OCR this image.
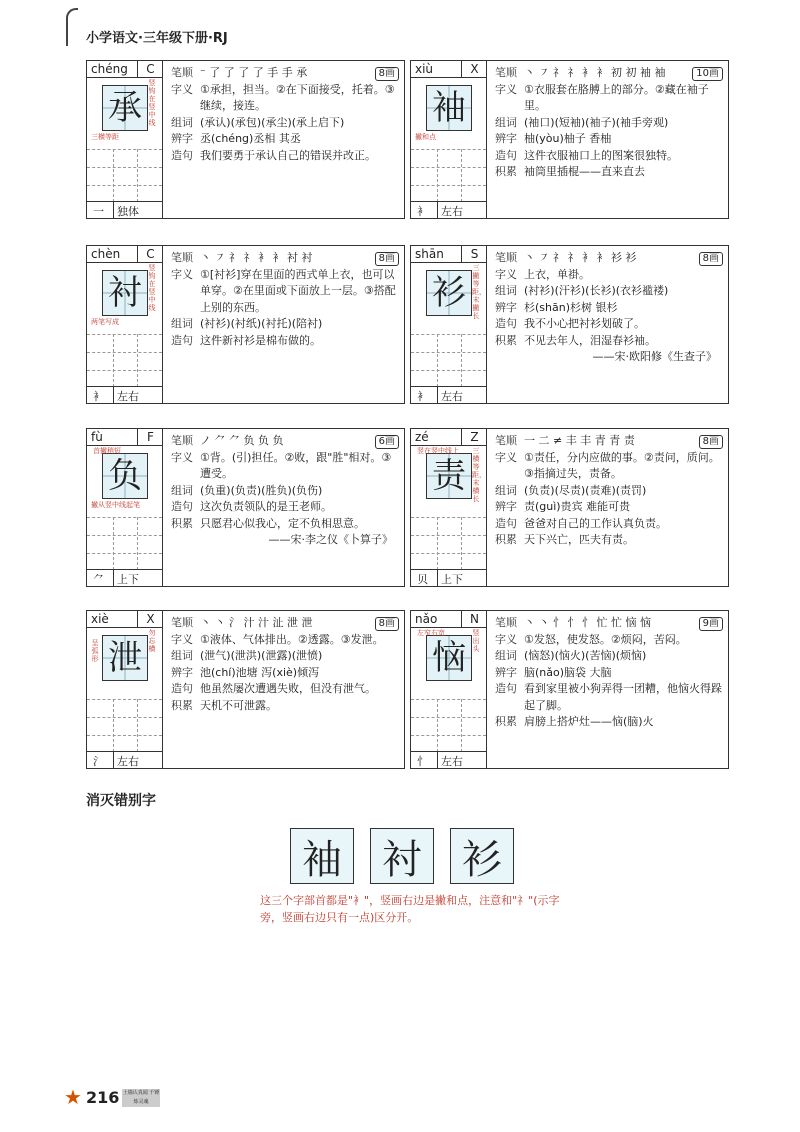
小学语文·三年级下册·RJ
chéng	C
承
竖钩在竖中线
三横等距
一 独体
笔顺 ⁻ 了 了 了 了 手 手 承	8画
字义 ①承担，担当。②在下面接受，托着。③继续，接连。
组词 (承认)(承包)(承尘)(承上启下)
辨字 丞(chéng)丞相 其丞
造句 我们要勇于承认自己的错误并改正。
xiù	X
袖
撇和点
衤 左右
笔顺 丶 ㇇ 礻 礻 衤 衤 初 初 袖 袖	10画
字义 ①衣服套在胳膊上的部分。②藏在袖子里。
组词 (袖口)(短袖)(袖子)(袖手旁观)
辨字 柚(yòu)柚子 香柚
造句 这件衣服袖口上的图案很独特。
积累 袖筒里插棍——直来直去
chèn	C
衬
竖钩在竖中线
两笔写成
衤 左右
笔顺 丶 ㇇ 礻 礻 衤 衤 衬 衬	8画
字义 ①[衬衫]穿在里面的西式单上衣，也可以单穿。②在里面或下面放上一层。③搭配上别的东西。
组词 (衬衫)(衬纸)(衬托)(陪衬)
造句 这件新衬衫是棉布做的。
shān	S
衫
三撇等距，末撇长
衤 左右
笔顺 丶 ㇇ 礻 礻 衤 衤 衫 衫	8画
字义 上衣，单褂。
组词 (衬衫)(汗衫)(长衫)(衣衫褴褛)
辨字 杉(shān)杉树 银杉
造句 我不小心把衬衫划破了。
积累 不见去年人，泪湿春衫袖。
——宋·欧阳修《生查子》
fù	F
负
首撇稍短
撇从竖中线起笔
⺈ 上下
笔顺 ノ ⺈ ⺈ 负 负 负	6画
字义 ①背。(引)担任。②败，跟"胜"相对。③遭受。
组词 (负重)(负责)(胜负)(负伤)
造句 这次负责领队的是王老师。
积累 只愿君心似我心，定不负相思意。
——宋·李之仪《卜算子》
zé	Z
责
竖在竖中线上 三横等距，末横长
贝 上下
笔顺 一 二 ≠ 丰 丰 青 青 责	8画
字义 ①责任，分内应做的事。②责问，质问。③指摘过失，责备。
组词 (负责)(尽责)(责难)(责罚)
辨字 责(guì)贵宾 难能可贵
造句 爸爸对自己的工作认真负责。
积累 天下兴亡，匹夫有责。
xiè	X
泄
呈弧形
勿忘横
氵 左右
笔顺 丶 丶 氵 汁 汁 沚 泄 泄	8画
字义 ①液体、气体排出。②透露。③发泄。
组词 (泄气)(泄洪)(泄露)(泄愤)
辨字 池(chí)池塘 泻(xiè)倾泻
造句 他虽然屡次遭遇失败，但没有泄气。
积累 天机不可泄露。
nǎo	N
恼
左窄右宽	竖出头
忄 左右
笔顺 丶 丶 忄 忄 忄 忙 忙 恼 恼	9画
字义 ①发怒，使发怒。②烦闷，苦闷。
组词 (恼怒)(恼火)(苦恼)(烦恼)
辨字 脑(nǎo)脑袋 大脑
造句 看到家里被小狗弄得一团糟，他恼火得跺起了脚。
积累 肩膀上搭炉灶——恼(脑)火
消灭错别字
袖	衬	衫
这三个字部首都是"衤"，竖画右边是撇和点，注意和"礻"(示字旁，竖画右边只有一点)区分开。
★ 216 土墙认真闻 千锤炼灵魂
